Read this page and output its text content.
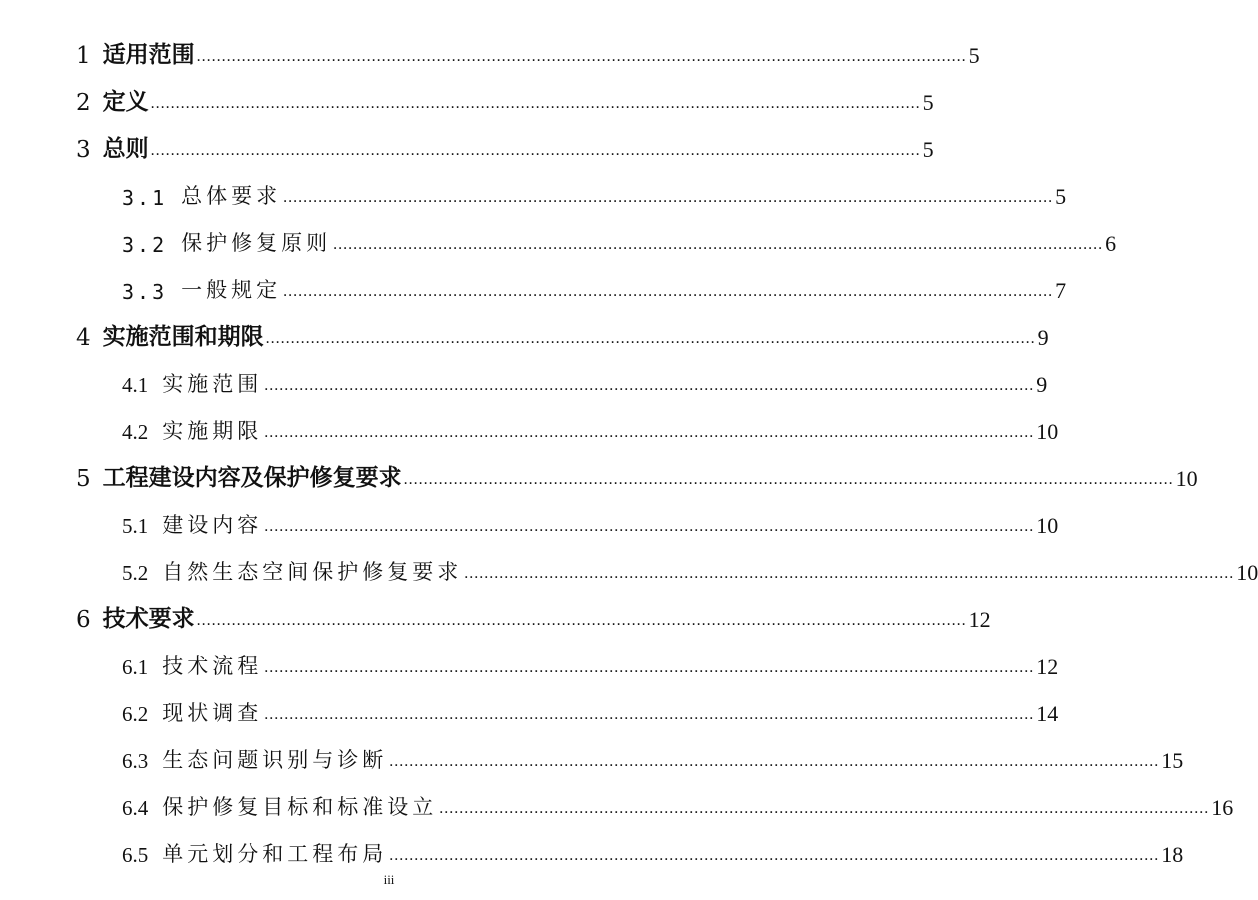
1 适用范围 .......................................................................................................................................................... 5
2 定义 .......................................................................................................................................................... 5
3 总则 .......................................................................................................................................................... 5
3.1 总体要求 .......................................................................................................................................................... 5
3.2 保护修复原则 .......................................................................................................................................................... 6
3.3 一般规定 .......................................................................................................................................................... 7
4 实施范围和期限 .......................................................................................................................................................... 9
4.1 实施范围 .......................................................................................................................................................... 9
4.2 实施期限 .......................................................................................................................................................... 10
5 工程建设内容及保护修复要求 .......................................................................................................................................................... 10
5.1 建设内容 .......................................................................................................................................................... 10
5.2 自然生态空间保护修复要求 .......................................................................................................................................................... 10
6 技术要求 .......................................................................................................................................................... 12
6.1 技术流程 .......................................................................................................................................................... 12
6.2 现状调查 .......................................................................................................................................................... 14
6.3 生态问题识别与诊断 .......................................................................................................................................................... 15
6.4 保护修复目标和标准设立 .......................................................................................................................................................... 16
6.5 单元划分和工程布局 .......................................................................................................................................................... 18
iii
